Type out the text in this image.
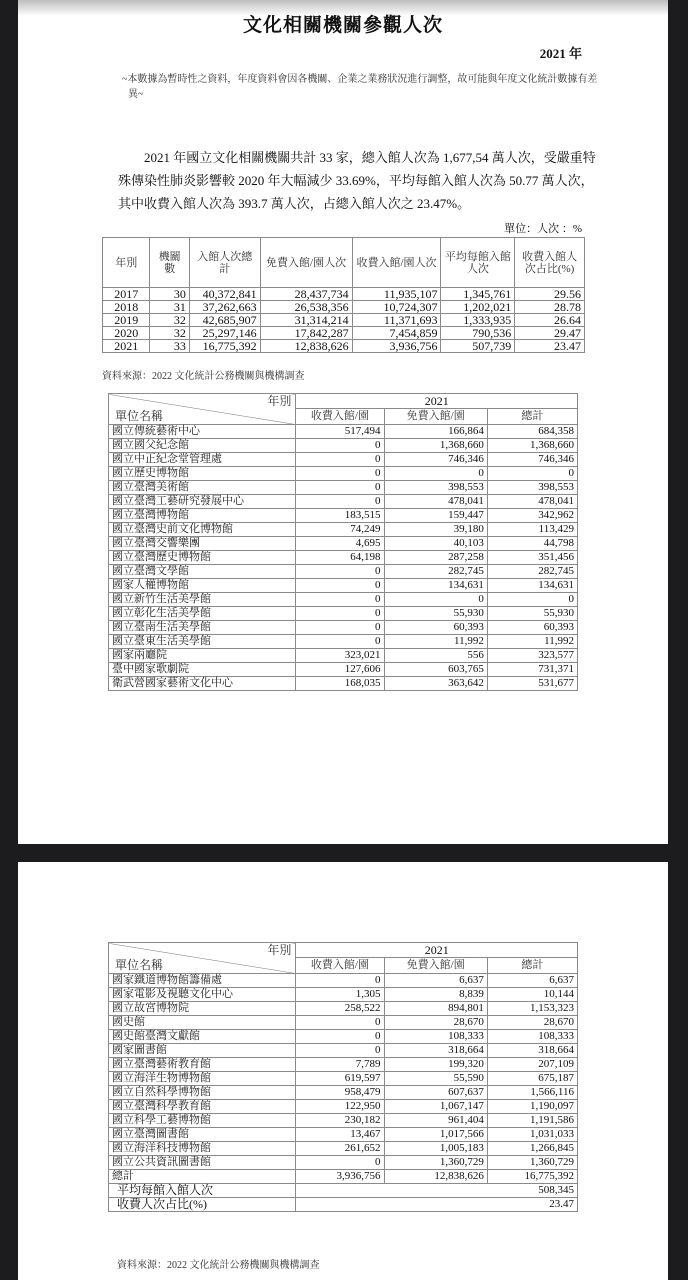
文化相關機關參觀人次
2021 年
~本數據為暫時性之資料，年度資料會因各機關、企業之業務狀況進行調整，故可能與年度文化統計數據有差異~
2021 年國立文化相關機關共計 33 家，總入館人次為 1,677,54 萬人次，受嚴重特殊傳染性肺炎影響較 2020 年大幅減少 33.69%，平均每館入館人次為 50.77 萬人次，其中收費入館人次為 393.7 萬人次，占總入館人次之 23.47%。
單位：人次 ：%
年別	機關數	入館人次總計	免費入館/園人次	收費入館/園人次	平均每館入館人次	收費入館人次占比(%)
2017	30	40,372,841	28,437,734	11,935,107	1,345,761	29.56
2018	31	37,262,663	26,538,356	10,724,307	1,202,021	28.78
2019	32	42,685,907	31,314,214	11,371,693	1,333,935	26.64
2020	32	25,297,146	17,842,287	7,454,859	790,536	29.47
2021	33	16,775,392	12,838,626	3,936,756	507,739	23.47
資料來源：2022 文化統計公務機關與機構調查
年別
單位名稱	2021		
	收費入館/園	免費入館/園	總計
國立傳統藝術中心	517,494	166,864	684,358
國立國父紀念館	0	1,368,660	1,368,660
國立中正紀念堂管理處	0	746,346	746,346
國立歷史博物館	0	0	0
國立臺灣美術館	0	398,553	398,553
國立臺灣工藝研究發展中心	0	478,041	478,041
國立臺灣博物館	183,515	159,447	342,962
國立臺灣史前文化博物館	74,249	39,180	113,429
國立臺灣交響樂團	4,695	40,103	44,798
國立臺灣歷史博物館	64,198	287,258	351,456
國立臺灣文學館	0	282,745	282,745
國家人權博物館	0	134,631	134,631
國立新竹生活美學館	0	0	0
國立彰化生活美學館	0	55,930	55,930
國立臺南生活美學館	0	60,393	60,393
國立臺東生活美學館	0	11,992	11,992
國家兩廳院	323,021	556	323,577
臺中國家歌劇院	127,606	603,765	731,371
衛武營國家藝術文化中心	168,035	363,642	531,677
年別
單位名稱	2021		
	收費入館/園	免費入館/園	總計
國家鐵道博物館籌備處	0	6,637	6,637
國家電影及視聽文化中心	1,305	8,839	10,144
國立故宮博物院	258,522	894,801	1,153,323
國史館	0	28,670	28,670
國史館臺灣文獻館	0	108,333	108,333
國家圖書館	0	318,664	318,664
國立臺灣藝術教育館	7,789	199,320	207,109
國立海洋生物博物館	619,597	55,590	675,187
國立自然科學博物館	958,479	607,637	1,566,116
國立臺灣科學教育館	122,950	1,067,147	1,190,097
國立科學工藝博物館	230,182	961,404	1,191,586
國立臺灣圖書館	13,467	1,017,566	1,031,033
國立海洋科技博物館	261,652	1,005,183	1,266,845
國立公共資訊圖書館	0	1,360,729	1,360,729
總計	3,936,756	12,838,626	16,775,392
平均每館入館人次	508,345		
收費人次占比(%)	23.47		
資料來源：2022 文化統計公務機關與機構調查
